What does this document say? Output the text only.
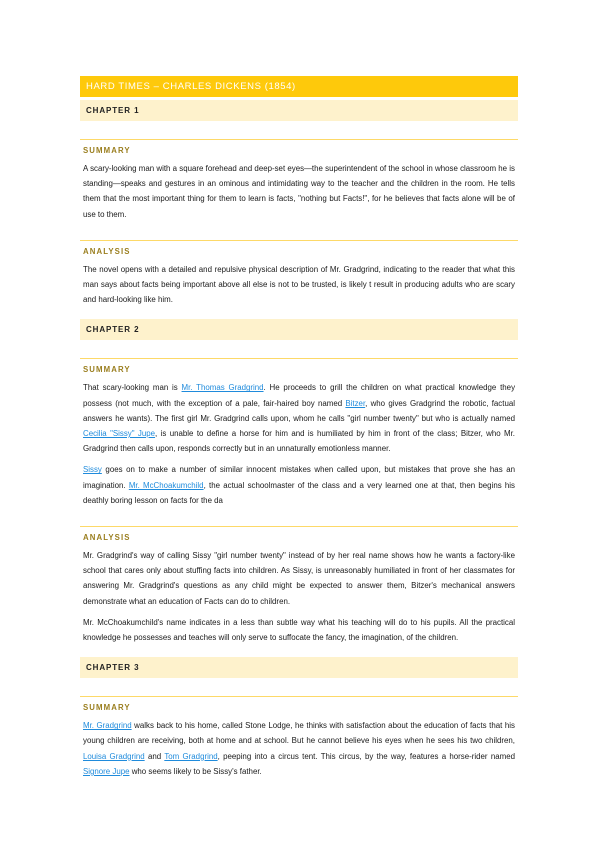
HARD TIMES – CHARLES DICKENS (1854)
CHAPTER 1
SUMMARY

A scary-looking man with a square forehead and deep-set eyes—the superintendent of the school in whose classroom he is standing—speaks and gestures in an ominous and intimidating way to the teacher and the children in the room. He tells them that the most important thing for them to learn is facts, "nothing but Facts!", for he believes that facts alone will be of use to them.

ANALYSIS

The novel opens with a detailed and repulsive physical description of Mr. Gradgrind, indicating to the reader that what this man says about facts being important above all else is not to be trusted, is likely t result in producing adults who are scary and hard-looking like him.

CHAPTER 2
SUMMARY

That scary-looking man is Mr. Thomas Gradgrind. He proceeds to grill the children on what practical knowledge they possess (not much, with the exception of a pale, fair-haired boy named Bitzer, who gives Gradgrind the robotic, factual answers he wants). The first girl Mr. Gradgrind calls upon, whom he calls "girl number twenty" but who is actually named Cecilia "Sissy" Jupe, is unable to define a horse for him and is humiliated by him in front of the class; Bitzer, who Mr. Gradgrind then calls upon, responds correctly but in an unnaturally emotionless manner.

Sissy goes on to make a number of similar innocent mistakes when called upon, but mistakes that prove she has an imagination. Mr. McChoakumchild, the actual schoolmaster of the class and a very learned one at that, then begins his deathly boring lesson on facts for the da

ANALYSIS

Mr. Gradgrind's way of calling Sissy "girl number twenty" instead of by her real name shows how he wants a factory-like school that cares only about stuffing facts into children. As Sissy, is unreasonably humiliated in front of her classmates for answering Mr. Gradgrind's questions as any child might be expected to answer them, Bitzer's mechanical answers demonstrate what an education of Facts can do to children.

Mr. McChoakumchild's name indicates in a less than subtle way what his teaching will do to his pupils. All the practical knowledge he possesses and teaches will only serve to suffocate the fancy, the imagination, of the children.

CHAPTER 3
SUMMARY

Mr. Gradgrind walks back to his home, called Stone Lodge, he thinks with satisfaction about the education of facts that his young children are receiving, both at home and at school. But he cannot believe his eyes when he sees his two children, Louisa Gradgrind and Tom Gradgrind, peeping into a circus tent. This circus, by the way, features a horse-rider named Signore Jupe who seems likely to be Sissy's father.
